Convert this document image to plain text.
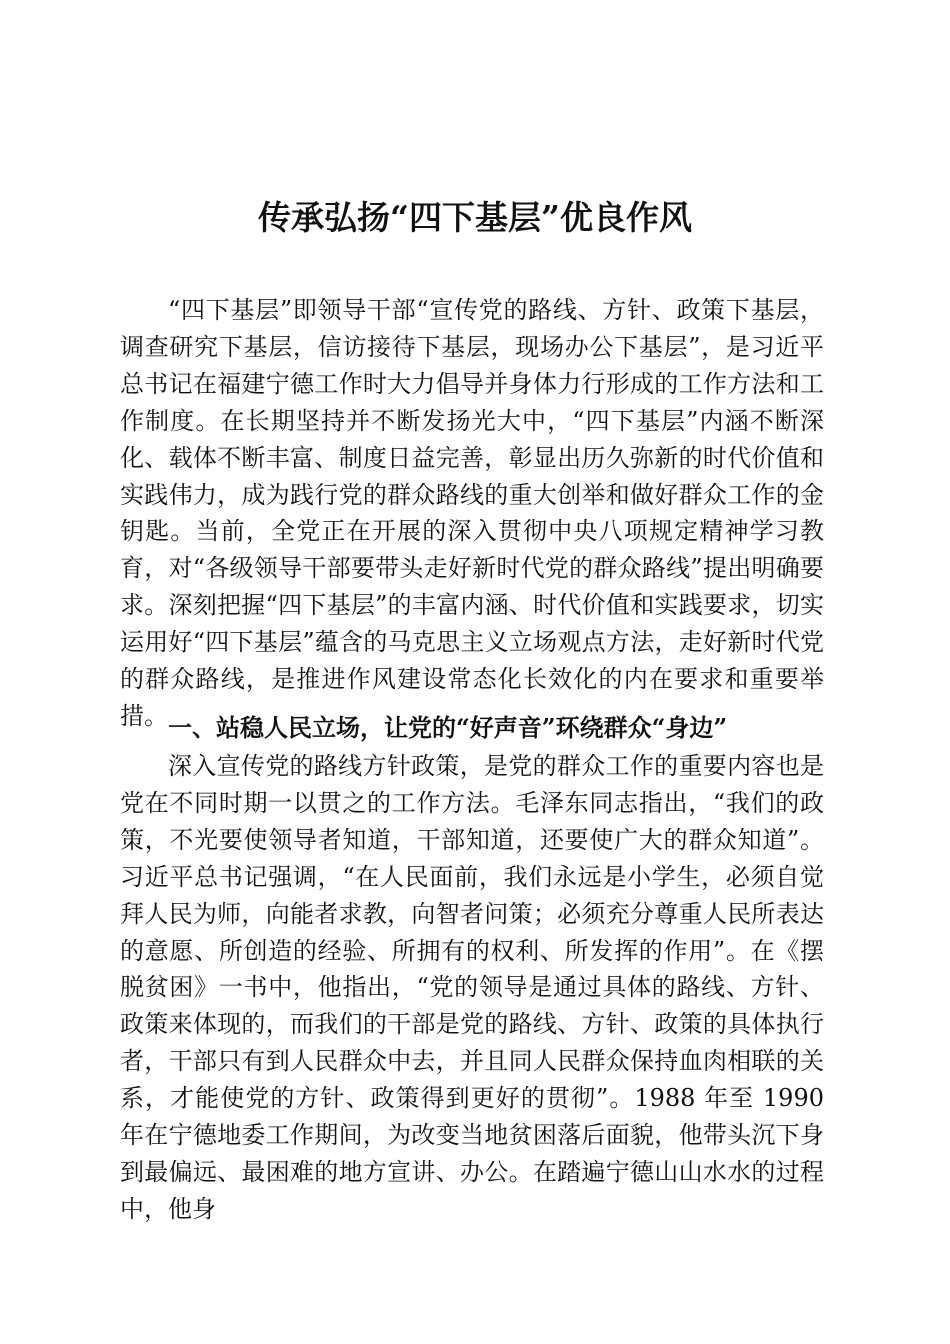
传承弘扬“四下基层”优良作风

“四下基层”即领导干部“宣传党的路线、方针、政策下基层，调查研究下基层，信访接待下基层，现场办公下基层”，是习近平总书记在福建宁德工作时大力倡导并身体力行形成的工作方法和工作制度。在长期坚持并不断发扬光大中，“四下基层”内涵不断深化、载体不断丰富、制度日益完善，彰显出历久弥新的时代价值和实践伟力，成为践行党的群众路线的重大创举和做好群众工作的金钥匙。当前，全党正在开展的深入贯彻中央八项规定精神学习教育，对“各级领导干部要带头走好新时代党的群众路线”提出明确要求。深刻把握“四下基层”的丰富内涵、时代价值和实践要求，切实运用好“四下基层”蕴含的马克思主义立场观点方法，走好新时代党的群众路线，是推进作风建设常态化长效化的内在要求和重要举措。 一、站稳人民立场，让党的“好声音”环绕群众“身边”

深入宣传党的路线方针政策，是党的群众工作的重要内容也是党在不同时期一以贯之的工作方法。毛泽东同志指出，“我们的政策，不光要使领导者知道，干部知道，还要使广大的群众知道”。习近平总书记强调，“在人民面前，我们永远是小学生，必须自觉拜人民为师，向能者求教，向智者问策；必须充分尊重人民所表达的意愿、所创造的经验、所拥有的权利、所发挥的作用”。在《摆脱贫困》一书中，他指出，“党的领导是通过具体的路线、方针、政策来体现的，而我们的干部是党的路线、方针、政策的具体执行者，干部只有到人民群众中去，并且同人民群众保持血肉相联的关系，才能使党的方针、政策得到更好的贯彻”。1988 年至 1990 年在宁德地委工作期间，为改变当地贫困落后面貌，他带头沉下身到最偏远、最困难的地方宣讲、办公。在踏遍宁德山山水水的过程中，他身
